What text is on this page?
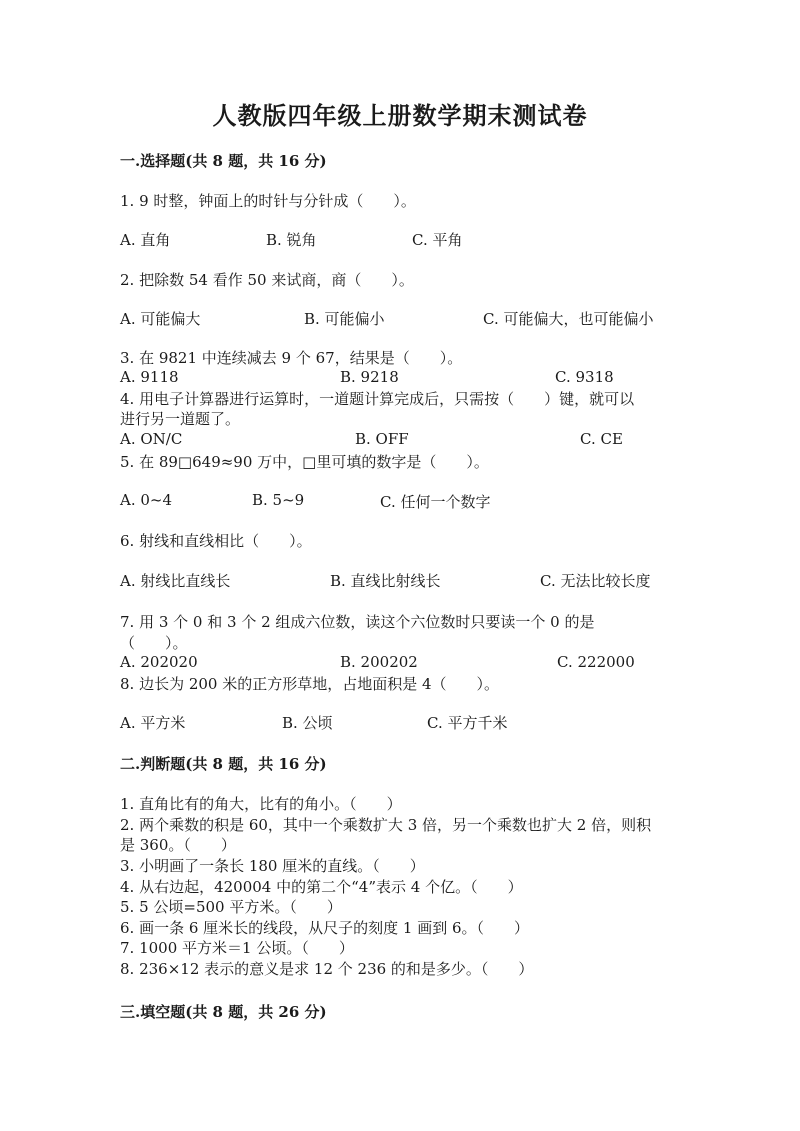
人教版四年级上册数学期末测试卷
一.选择题(共 8 题，共 16 分)
1. 9 时整，钟面上的时针与分针成（　　）。
A. 直角	B. 锐角	C. 平角
2. 把除数 54 看作 50 来试商，商（　　）。
A. 可能偏大	B. 可能偏小	C. 可能偏大，也可能偏小
3. 在 9821 中连续减去 9 个 67，结果是（　　）。
A. 9118	B. 9218	C. 9318
4. 用电子计算器进行运算时，一道题计算完成后，只需按（　　）键，就可以
进行另一道题了。
A. ON/C	B. OFF	C. CE
5. 在 89□649≈90 万中，□里可填的数字是（　　）。
A. 0~4	B. 5~9	C. 任何一个数字
6. 射线和直线相比（　　）。
A. 射线比直线长	B. 直线比射线长	C. 无法比较长度
7. 用 3 个 0 和 3 个 2 组成六位数，读这个六位数时只要读一个 0 的是
（　　）。
A. 202020	B. 200202	C. 222000
8. 边长为 200 米的正方形草地，占地面积是 4（　　）。
A. 平方米	B. 公顷	C. 平方千米
二.判断题(共 8 题，共 16 分)
1. 直角比有的角大，比有的角小。（　　）
2. 两个乘数的积是 60，其中一个乘数扩大 3 倍，另一个乘数也扩大 2 倍，则积
是 360。（　　）
3. 小明画了一条长 180 厘米的直线。（　　）
4. 从右边起，420004 中的第二个“4”表示 4 个亿。（　　）
5. 5 公顷=500 平方米。（　　）
6. 画一条 6 厘米长的线段，从尺子的刻度 1 画到 6。（　　）
7. 1000 平方米＝1 公顷。（　　）
8. 236×12 表示的意义是求 12 个 236 的和是多少。（　　）
三.填空题(共 8 题，共 26 分)
